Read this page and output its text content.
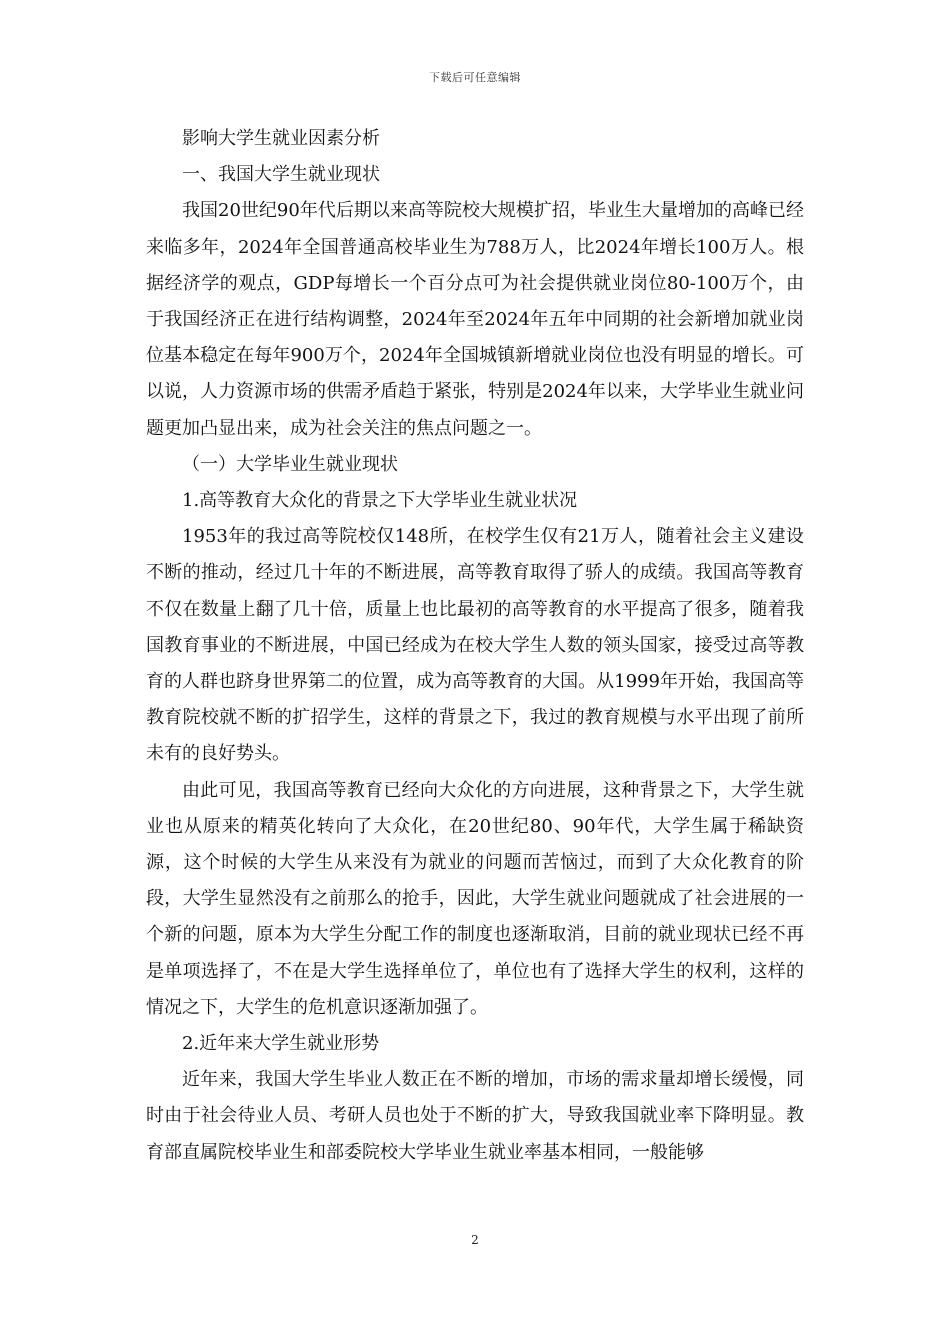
下载后可任意编辑

影响大学生就业因素分析

一、我国大学生就业现状

我国20世纪90年代后期以来高等院校大规模扩招，毕业生大量增加的高峰已经来临多年，2024年全国普通高校毕业生为788万人，比2024年增长100万人。根据经济学的观点，GDP每增长一个百分点可为社会提供就业岗位80-100万个，由于我国经济正在进行结构调整，2024年至2024年五年中同期的社会新增加就业岗位基本稳定在每年900万个，2024年全国城镇新增就业岗位也没有明显的增长。可以说，人力资源市场的供需矛盾趋于紧张，特别是2024年以来，大学毕业生就业问题更加凸显出来，成为社会关注的焦点问题之一。

（一）大学毕业生就业现状

1.高等教育大众化的背景之下大学毕业生就业状况

1953年的我过高等院校仅148所，在校学生仅有21万人，随着社会主义建设不断的推动，经过几十年的不断进展，高等教育取得了骄人的成绩。我国高等教育不仅在数量上翻了几十倍，质量上也比最初的高等教育的水平提高了很多，随着我国教育事业的不断进展，中国已经成为在校大学生人数的领头国家，接受过高等教育的人群也跻身世界第二的位置，成为高等教育的大国。从1999年开始，我国高等教育院校就不断的扩招学生，这样的背景之下，我过的教育规模与水平出现了前所未有的良好势头。

由此可见，我国高等教育已经向大众化的方向进展，这种背景之下，大学生就业也从原来的精英化转向了大众化，在20世纪80、90年代，大学生属于稀缺资源，这个时候的大学生从来没有为就业的问题而苦恼过，而到了大众化教育的阶段，大学生显然没有之前那么的抢手，因此，大学生就业问题就成了社会进展的一个新的问题，原本为大学生分配工作的制度也逐渐取消，目前的就业现状已经不再是单项选择了，不在是大学生选择单位了，单位也有了选择大学生的权利，这样的情况之下，大学生的危机意识逐渐加强了。

2.近年来大学生就业形势

近年来，我国大学生毕业人数正在不断的增加，市场的需求量却增长缓慢，同时由于社会待业人员、考研人员也处于不断的扩大，导致我国就业率下降明显。教育部直属院校毕业生和部委院校大学毕业生就业率基本相同，一般能够

2
